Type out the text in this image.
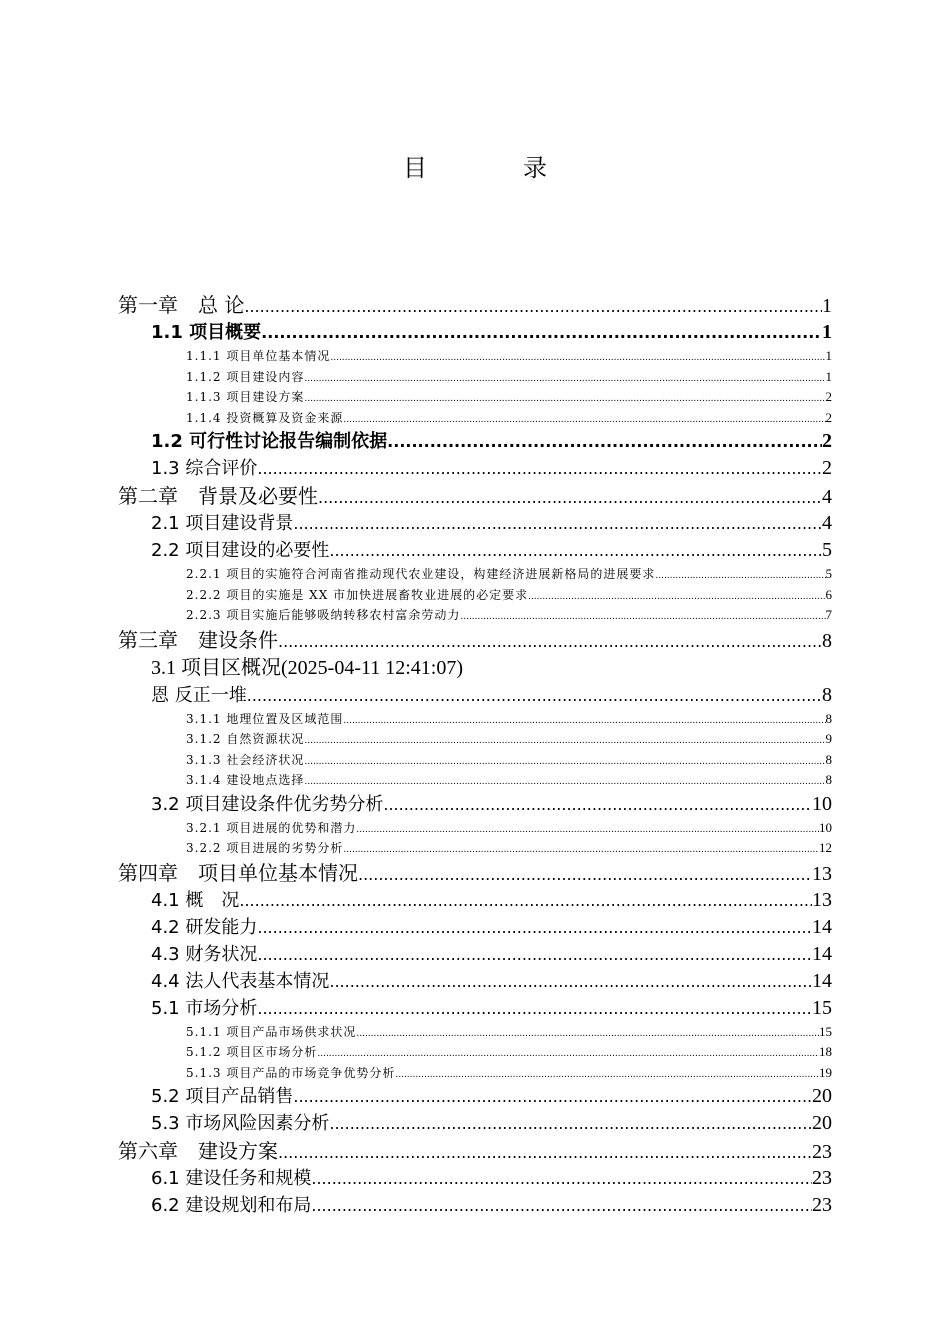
目　录
第一章　总 论 .....	1
1.1 项目概要 .....	1
1.1.1 项目单位基本情况 .....	1
1.1.2 项目建设内容 .....	1
1.1.3 项目建设方案 .....	2
1.1.4 投资概算及资金来源 .....	2
1.2 可行性讨论报告编制依据 .....	2
1.3 综合评价 .....	2
第二章　背景及必要性 .....	4
2.1 项目建设背景 .....	4
2.2 项目建设的必要性 .....	5
2.2.1 项目的实施符合河南省推动现代农业建设，构建经济进展新格局的进展要求 .....	5
2.2.2 项目的实施是 XX 市加快进展畜牧业进展的必定要求 .....	6
2.2.3 项目实施后能够吸纳转移农村富余劳动力 .....	7
第三章　建设条件 .....	8
3.1 项目区概况(2025-04-11 12:41:07)
恩 反正一堆 .....	8
3.1.1 地理位置及区域范围 .....	8
3.1.2 自然资源状况 .....	9
3.1.3 社会经济状况 .....	8
3.1.4 建设地点选择 .....	8
3.2 项目建设条件优劣势分析 .....	10
3.2.1 项目进展的优势和潜力 .....	10
3.2.2 项目进展的劣势分析 .....	12
第四章　项目单位基本情况 .....	13
4.1 概　况 .....	13
4.2 研发能力 .....	14
4.3 财务状况 .....	14
4.4 法人代表基本情况 .....	14
5.1 市场分析 .....	15
5.1.1 项目产品市场供求状况 .....	15
5.1.2 项目区市场分析 .....	18
5.1.3 项目产品的市场竞争优势分析 .....	19
5.2 项目产品销售 .....	20
5.3 市场风险因素分析 .....	20
第六章　建设方案 .....	23
6.1 建设任务和规模 .....	23
6.2 建设规划和布局 .....	23
